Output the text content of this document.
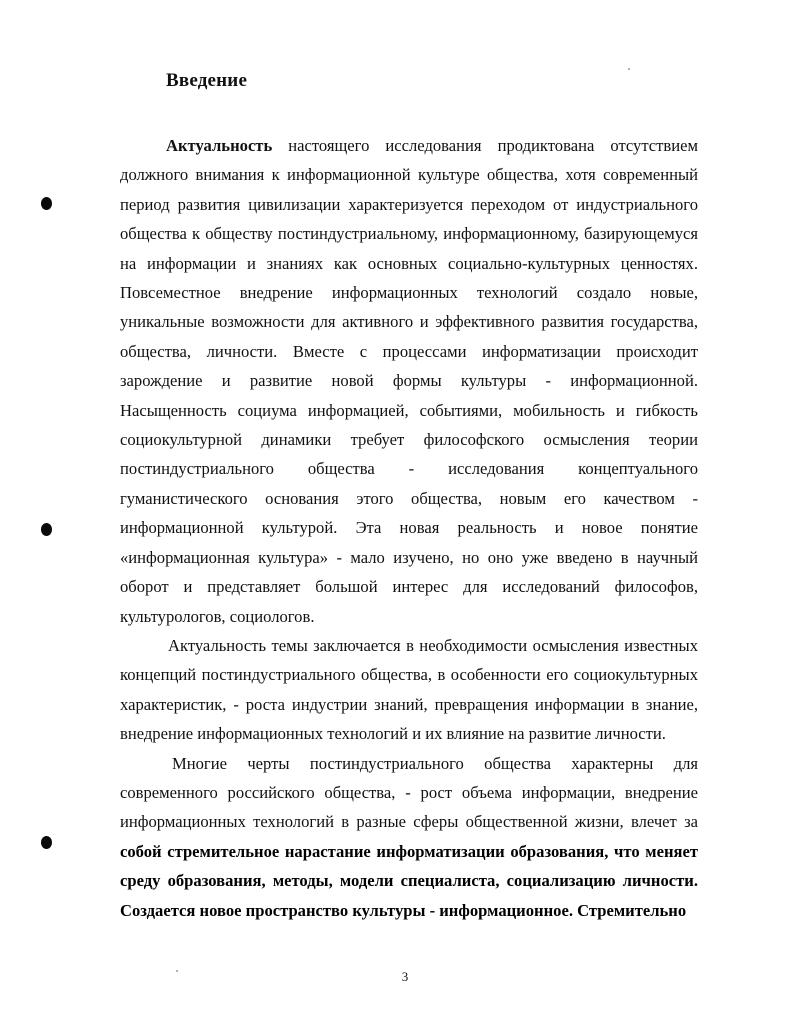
Введение

Актуальность настоящего исследования продиктована отсутствием должного внимания к информационной культуре общества, хотя современный период развития цивилизации характеризуется переходом от индустриального общества к обществу постиндустриальному, информационному, базирующемуся на информации и знаниях как основных социально-культурных ценностях. Повсеместное внедрение информационных технологий создало новые, уникальные возможности для активного и эффективного развития государства, общества, личности. Вместе с процессами информатизации происходит зарождение и развитие новой формы культуры - информационной. Насыщенность социума информацией, событиями, мобильность и гибкость социокультурной динамики требует философского осмысления теории постиндустриального общества - исследования концептуального гуманистического основания этого общества, новым его качеством - информационной культурой. Эта новая реальность и новое понятие «информационная культура» - мало изучено, но оно уже введено в научный оборот и представляет большой интерес для исследований философов, культурологов, социологов.

Актуальность темы заключается в необходимости осмысления известных концепций постиндустриального общества, в особенности его социокультурных характеристик, - роста индустрии знаний, превращения информации в знание, внедрение информационных технологий и их влияние на развитие личности.

Многие черты постиндустриального общества характерны для современного российского общества, - рост объема информации, внедрение информационных технологий в разные сферы общественной жизни, влечет за собой стремительное нарастание информатизации образования, что меняет среду образования, методы, модели специалиста, социализацию личности. Создается новое пространство культуры - информационное. Стремительно

3
